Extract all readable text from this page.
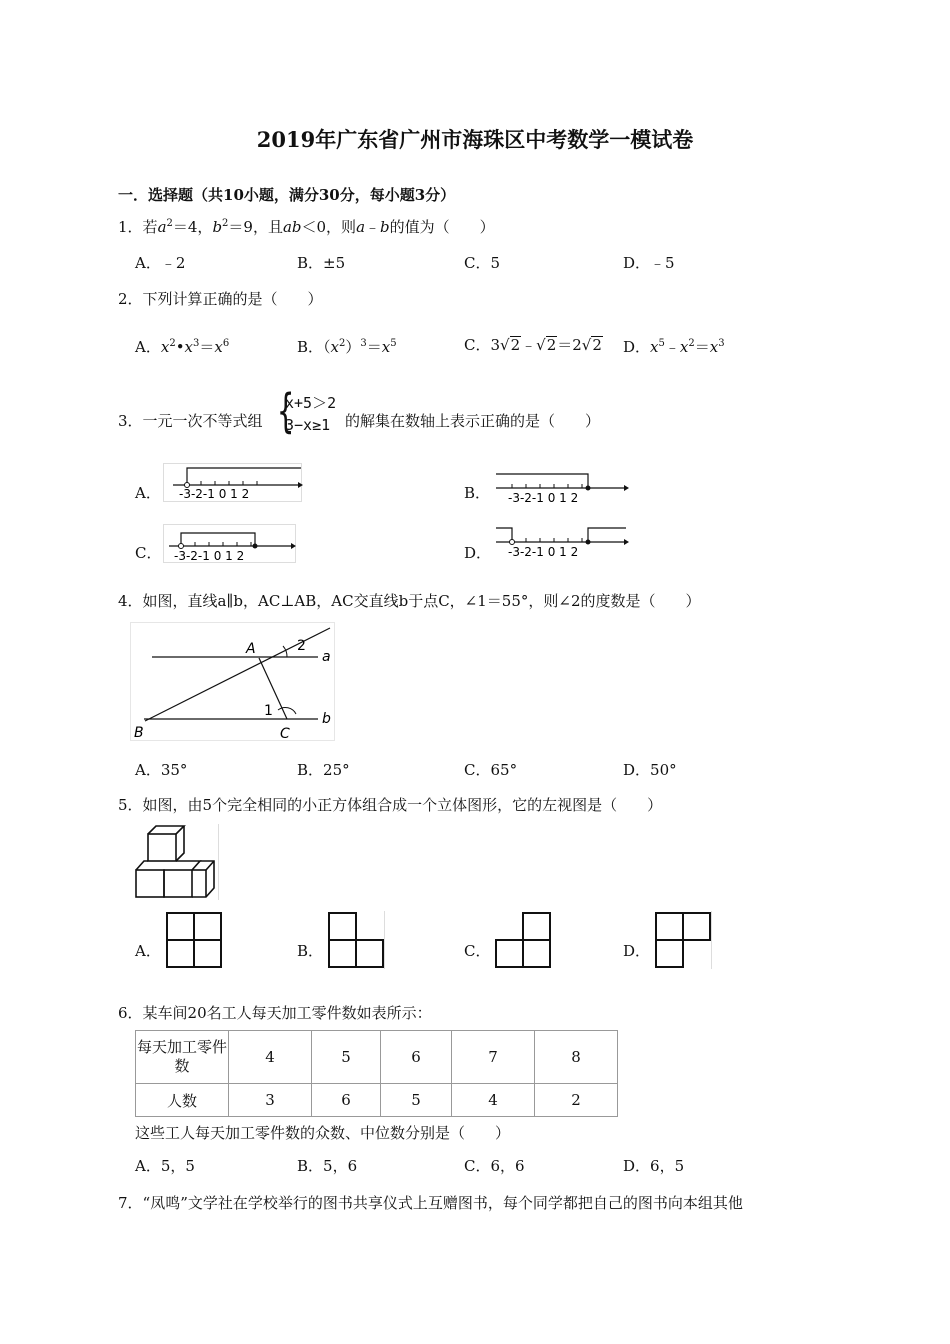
2019年广东省广州市海珠区中考数学一模试卷
一．选择题（共10小题，满分30分，每小题3分）
1．若$a^2=4$，$b^2=9$，且ab＜0，则a﹣b的值为（　　）
A．﹣2	B．±5	C．5	D．﹣5
2．下列计算正确的是（　　）
A．$x^2•x^3=x^6$	B．$(x^2)^3=x^5$	C．3√2﹣√2＝2√2 D．$x^5﹣x^2=x^3$
3．一元一次不等式组 {
x+5＞2
3−x≥1 的解集在数轴上表示正确的是（　　）
A． -3-2-1 0 1 2	B． -3-2-1 0 1 2
C． -3-2-1 0 1 2	D． -3-2-1 0 1 2
4．如图，直线a∥b，AC⊥AB，AC交直线b于点C，∠1＝55°，则∠2的度数是（　　）
A	2
a
1	b
B	C
A．35°	B．25°	C．65°	D．50°
5．如图，由5个完全相同的小正方体组合成一个立体图形，它的左视图是（　　）
A．	B．	C．	D．
6．某车间20名工人每天加工零件数如表所示：
每天加工零件数	4	5	6	7	8
人数	3	6	5	4	2
这些工人每天加工零件数的众数、中位数分别是（　　）
A．5，5	B．5，6	C．6，6	D．6，5
7．“凤鸣”文学社在学校举行的图书共享仪式上互赠图书，每个同学都把自己的图书向本组其他
